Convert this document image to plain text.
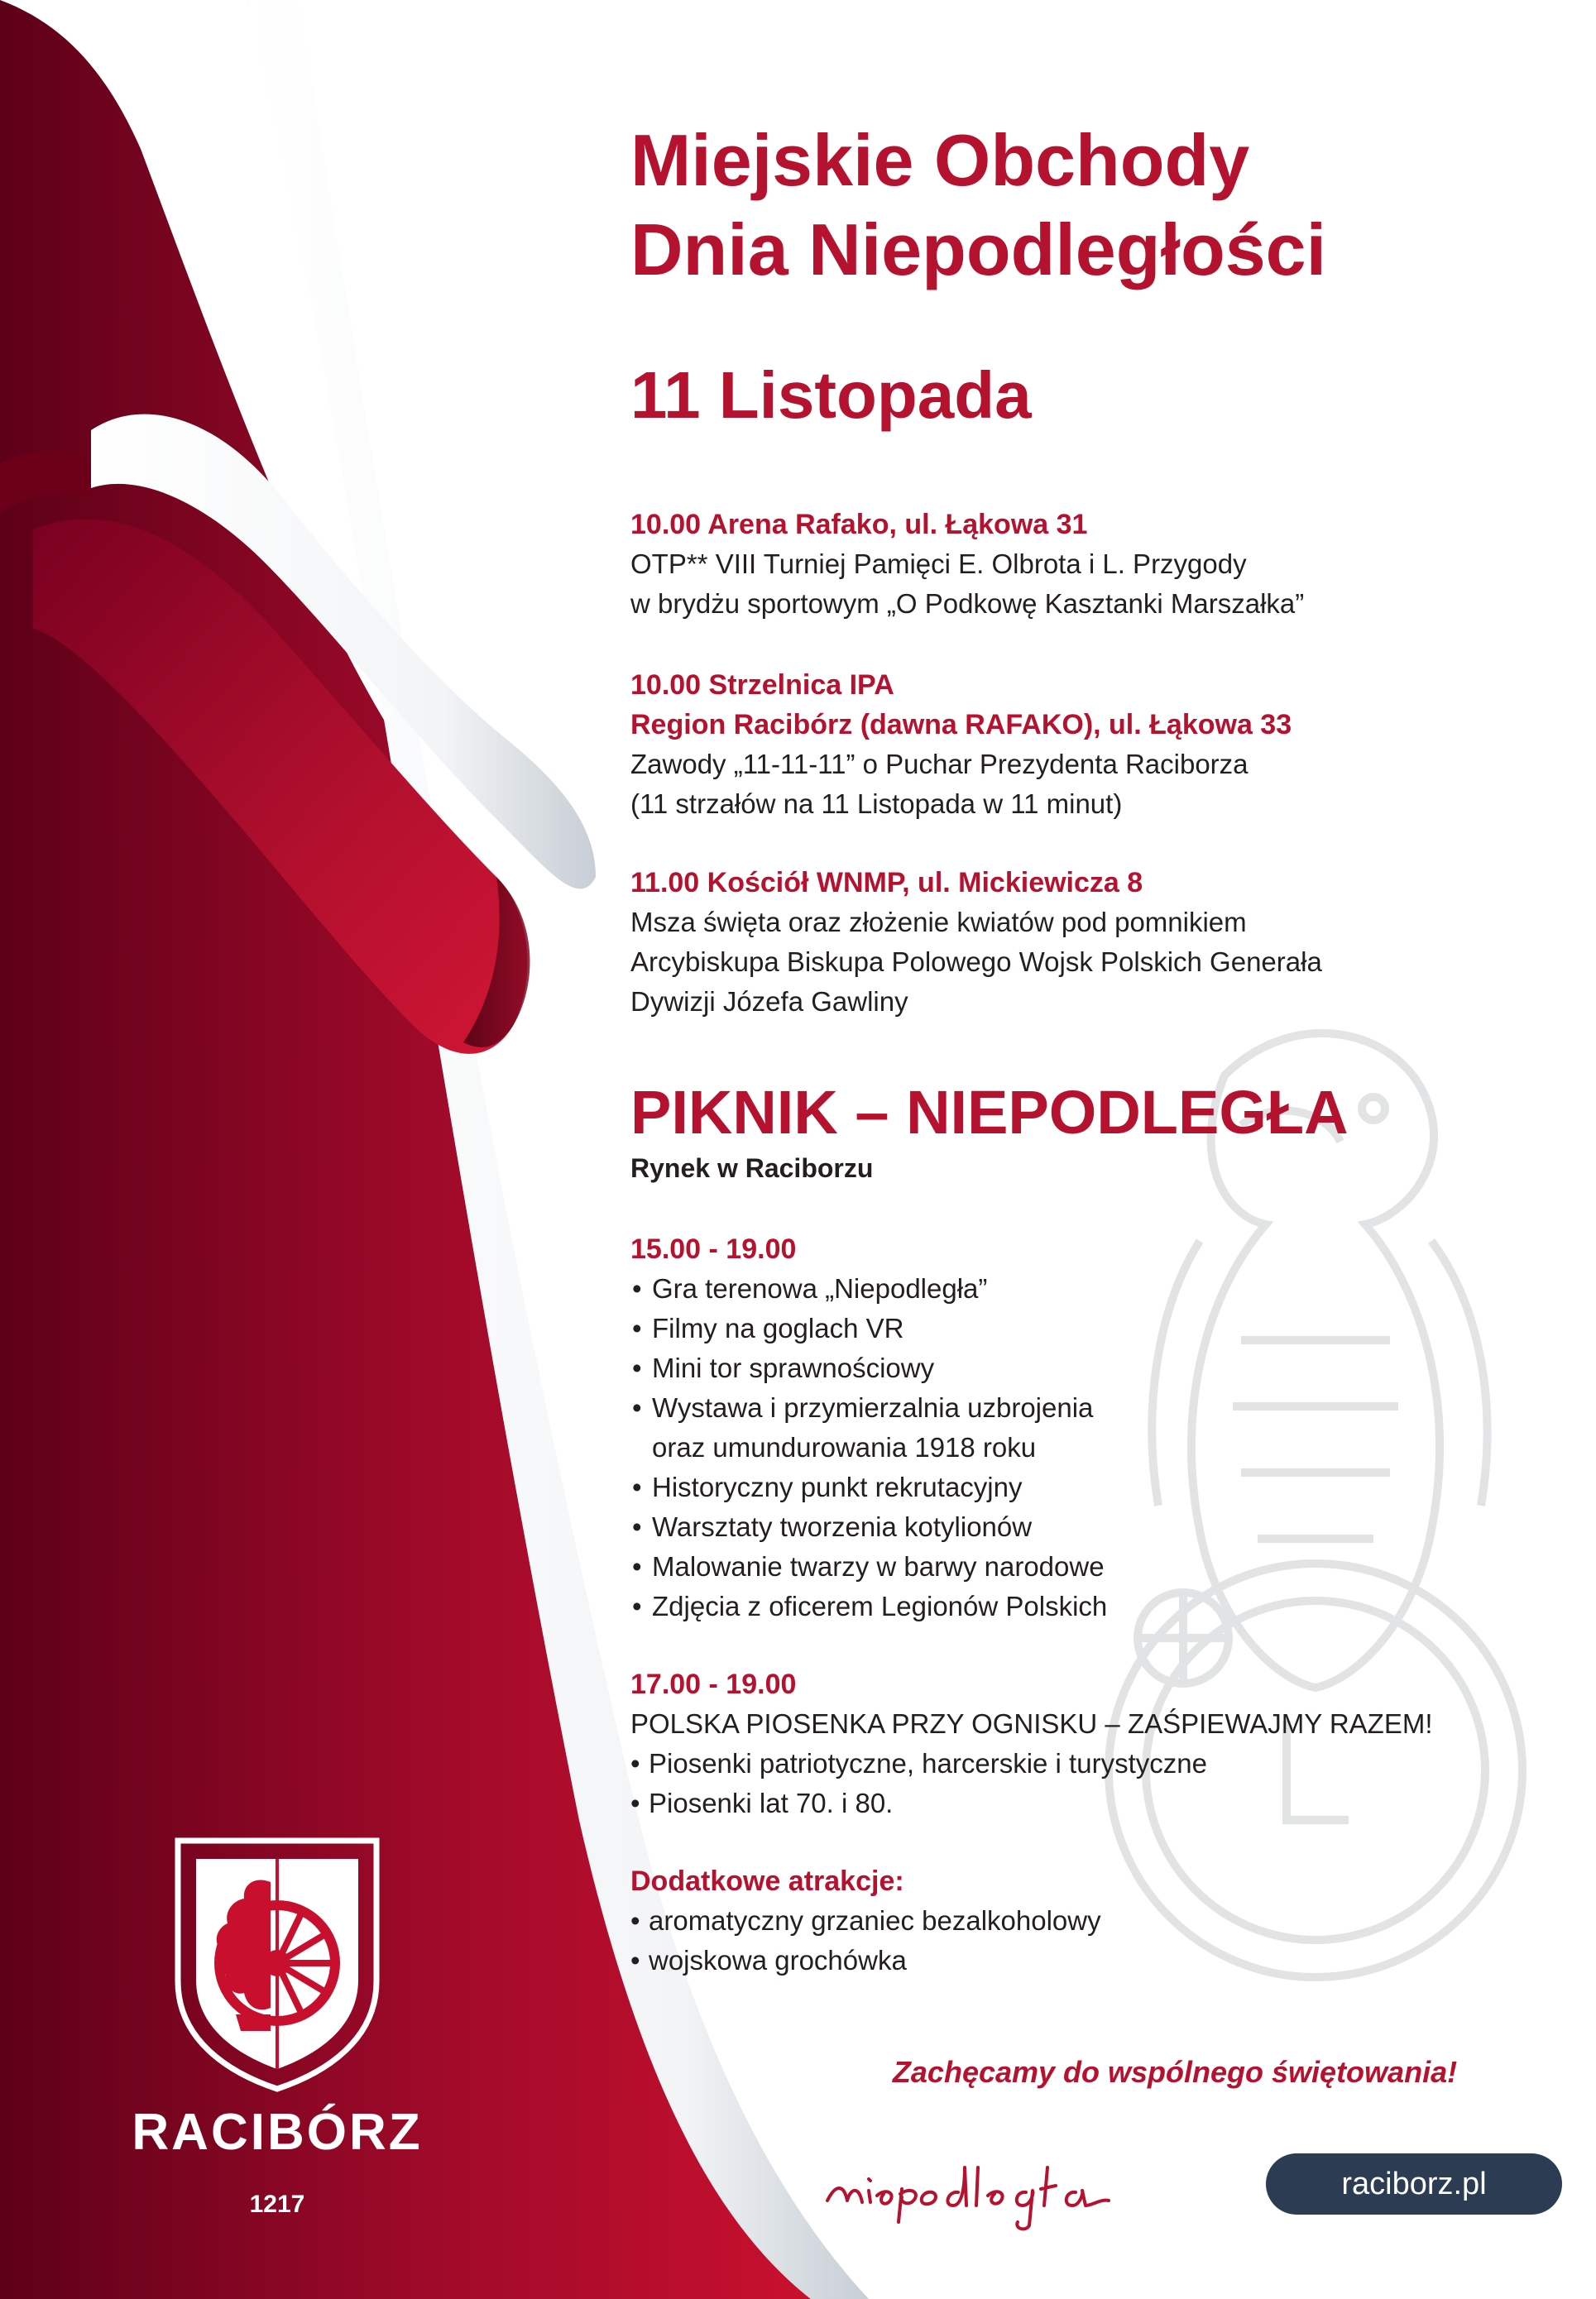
Miejskie Obchody
Dnia Niepodległości
11 Listopada
10.00 Arena Rafako, ul. Łąkowa 31
OTP** VIII Turniej Pamięci E. Olbrota i L. Przygody
w brydżu sportowym „O Podkowę Kasztanki Marszałka”
10.00 Strzelnica IPA
Region Racibórz (dawna RAFAKO), ul. Łąkowa 33
Zawody „11-11-11” o Puchar Prezydenta Raciborza
(11 strzałów na 11 Listopada w 11 minut)
11.00 Kościół WNMP, ul. Mickiewicza 8
Msza święta oraz złożenie kwiatów pod pomnikiem
Arcybiskupa Biskupa Polowego Wojsk Polskich Generała
Dywizji Józefa Gawliny
PIKNIK – NIEPODLEGŁA
Rynek w Raciborzu
15.00 - 19.00
• Gra terenowa „Niepodległa”
• Filmy na goglach VR
• Mini tor sprawnościowy
• Wystawa i przymierzalnia uzbrojenia
oraz umundurowania 1918 roku
• Historyczny punkt rekrutacyjny
• Warsztaty tworzenia kotylionów
• Malowanie twarzy w barwy narodowe
• Zdjęcia z oficerem Legionów Polskich
17.00 - 19.00
POLSKA PIOSENKA PRZY OGNISKU – ZAŚPIEWAJMY RAZEM!
• Piosenki patriotyczne, harcerskie i turystyczne
• Piosenki lat 70. i 80.
Dodatkowe atrakcje:
• aromatyczny grzaniec bezalkoholowy
• wojskowa grochówka
Zachęcamy do wspólnego świętowania!
raciborz.pl
RACIBÓRZ
1217
